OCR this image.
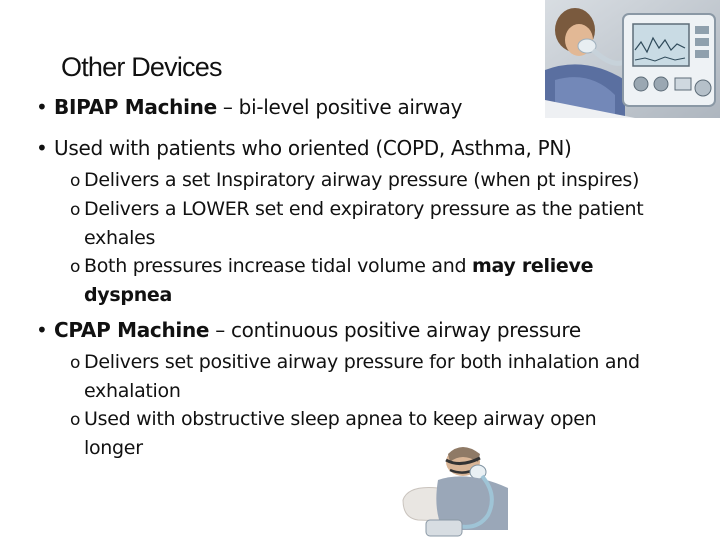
Other Devices
• BIPAP Machine – bi-level positive airway
• Used with patients who oriented (COPD, Asthma, PN)
o Delivers a set Inspiratory airway pressure (when pt inspires)
o Delivers a LOWER set end expiratory pressure as the patient
exhales
o Both pressures increase tidal volume and may relieve
dyspnea
• CPAP Machine – continuous positive airway pressure
o Delivers set positive airway pressure for both inhalation and
exhalation
o Used with obstructive sleep apnea to keep airway open
longer
